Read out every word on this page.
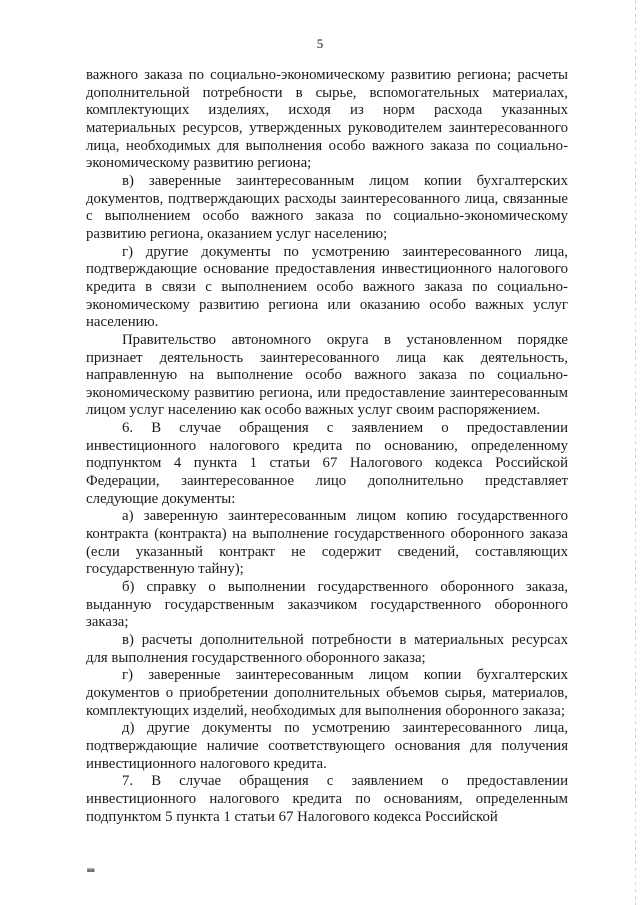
5

важного заказа по социально-экономическому развитию региона; расчеты дополнительной потребности в сырье, вспомогательных материалах, комплектующих изделиях, исходя из норм расхода указанных материальных ресурсов, утвержденных руководителем заинтересованного лица, необходимых для выполнения особо важного заказа по социально-экономическому развитию региона;

в) заверенные заинтересованным лицом копии бухгалтерских документов, подтверждающих расходы заинтересованного лица, связанные с выполнением особо важного заказа по социально-экономическому развитию региона, оказанием услуг населению;

г) другие документы по усмотрению заинтересованного лица, подтверждающие основание предоставления инвестиционного налогового кредита в связи с выполнением особо важного заказа по социально-экономическому развитию региона или оказанию особо важных услуг населению.

Правительство автономного округа в установленном порядке признает деятельность заинтересованного лица как деятельность, направленную на выполнение особо важного заказа по социально-экономическому развитию региона, или предоставление заинтересованным лицом услуг населению как особо важных услуг своим распоряжением.

6. В случае обращения с заявлением о предоставлении инвестиционного налогового кредита по основанию, определенному подпунктом 4 пункта 1 статьи 67 Налогового кодекса Российской Федерации, заинтересованное лицо дополнительно представляет следующие документы:

а) заверенную заинтересованным лицом копию государственного контракта (контракта) на выполнение государственного оборонного заказа (если указанный контракт не содержит сведений, составляющих государственную тайну);

б) справку о выполнении государственного оборонного заказа, выданную государственным заказчиком государственного оборонного заказа;

в) расчеты дополнительной потребности в материальных ресурсах для выполнения государственного оборонного заказа;

г) заверенные заинтересованным лицом копии бухгалтерских документов о приобретении дополнительных объемов сырья, материалов, комплектующих изделий, необходимых для выполнения оборонного заказа;

д) другие документы по усмотрению заинтересованного лица, подтверждающие наличие соответствующего основания для получения инвестиционного налогового кредита.

7. В случае обращения с заявлением о предоставлении инвестиционного налогового кредита по основаниям, определенным подпунктом 5 пункта 1 статьи 67 Налогового кодекса Российской

нв
